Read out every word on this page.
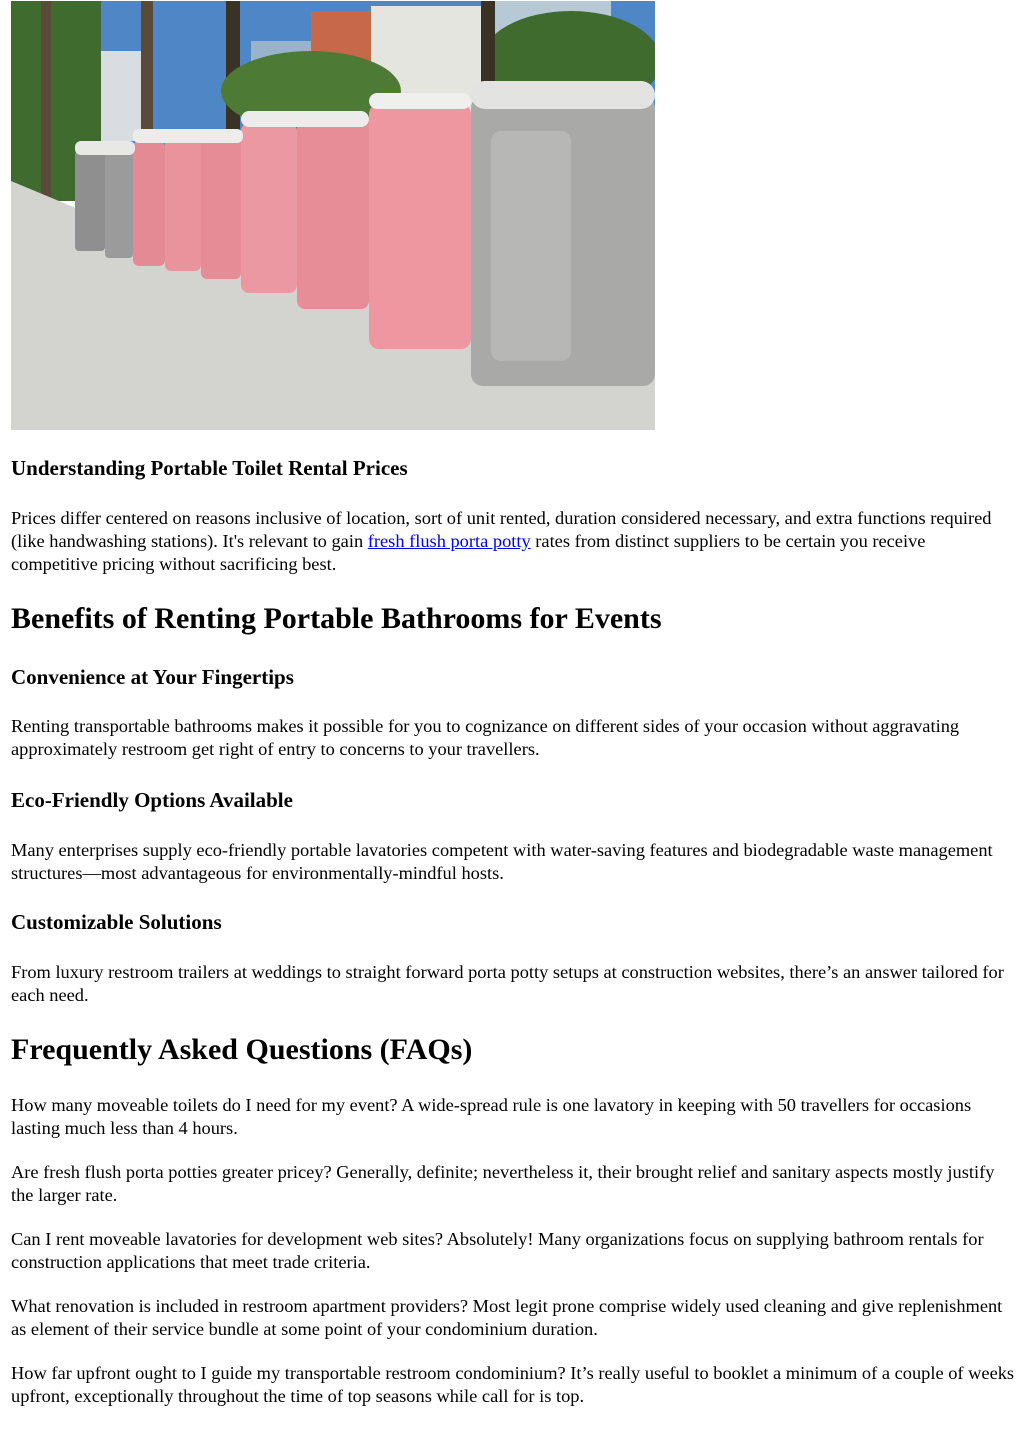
Understanding Portable Toilet Rental Prices

Prices differ centered on reasons inclusive of location, sort of unit rented, duration considered necessary, and extra functions required (like handwashing stations). It's relevant to gain fresh flush porta potty rates from distinct suppliers to be certain you receive competitive pricing without sacrificing best.

Benefits of Renting Portable Bathrooms for Events
Convenience at Your Fingertips

Renting transportable bathrooms makes it possible for you to cognizance on different sides of your occasion without aggravating approximately restroom get right of entry to concerns to your travellers.

Eco-Friendly Options Available

Many enterprises supply eco-friendly portable lavatories competent with water-saving features and biodegradable waste management structures—most advantageous for environmentally-mindful hosts.

Customizable Solutions

From luxury restroom trailers at weddings to straight forward porta potty setups at construction websites, there’s an answer tailored for each need.

Frequently Asked Questions (FAQs)

How many moveable toilets do I need for my event? A wide-spread rule is one lavatory in keeping with 50 travellers for occasions lasting much less than 4 hours.

Are fresh flush porta potties greater pricey? Generally, definite; nevertheless it, their brought relief and sanitary aspects mostly justify the larger rate.

Can I rent moveable lavatories for development web sites? Absolutely! Many organizations focus on supplying bathroom rentals for construction applications that meet trade criteria.

What renovation is included in restroom apartment providers? Most legit prone comprise widely used cleaning and give replenishment as element of their service bundle at some point of your condominium duration.

How far upfront ought to I guide my transportable restroom condominium? It’s really useful to booklet a minimum of a couple of weeks upfront, exceptionally throughout the time of top seasons while call for is top.
